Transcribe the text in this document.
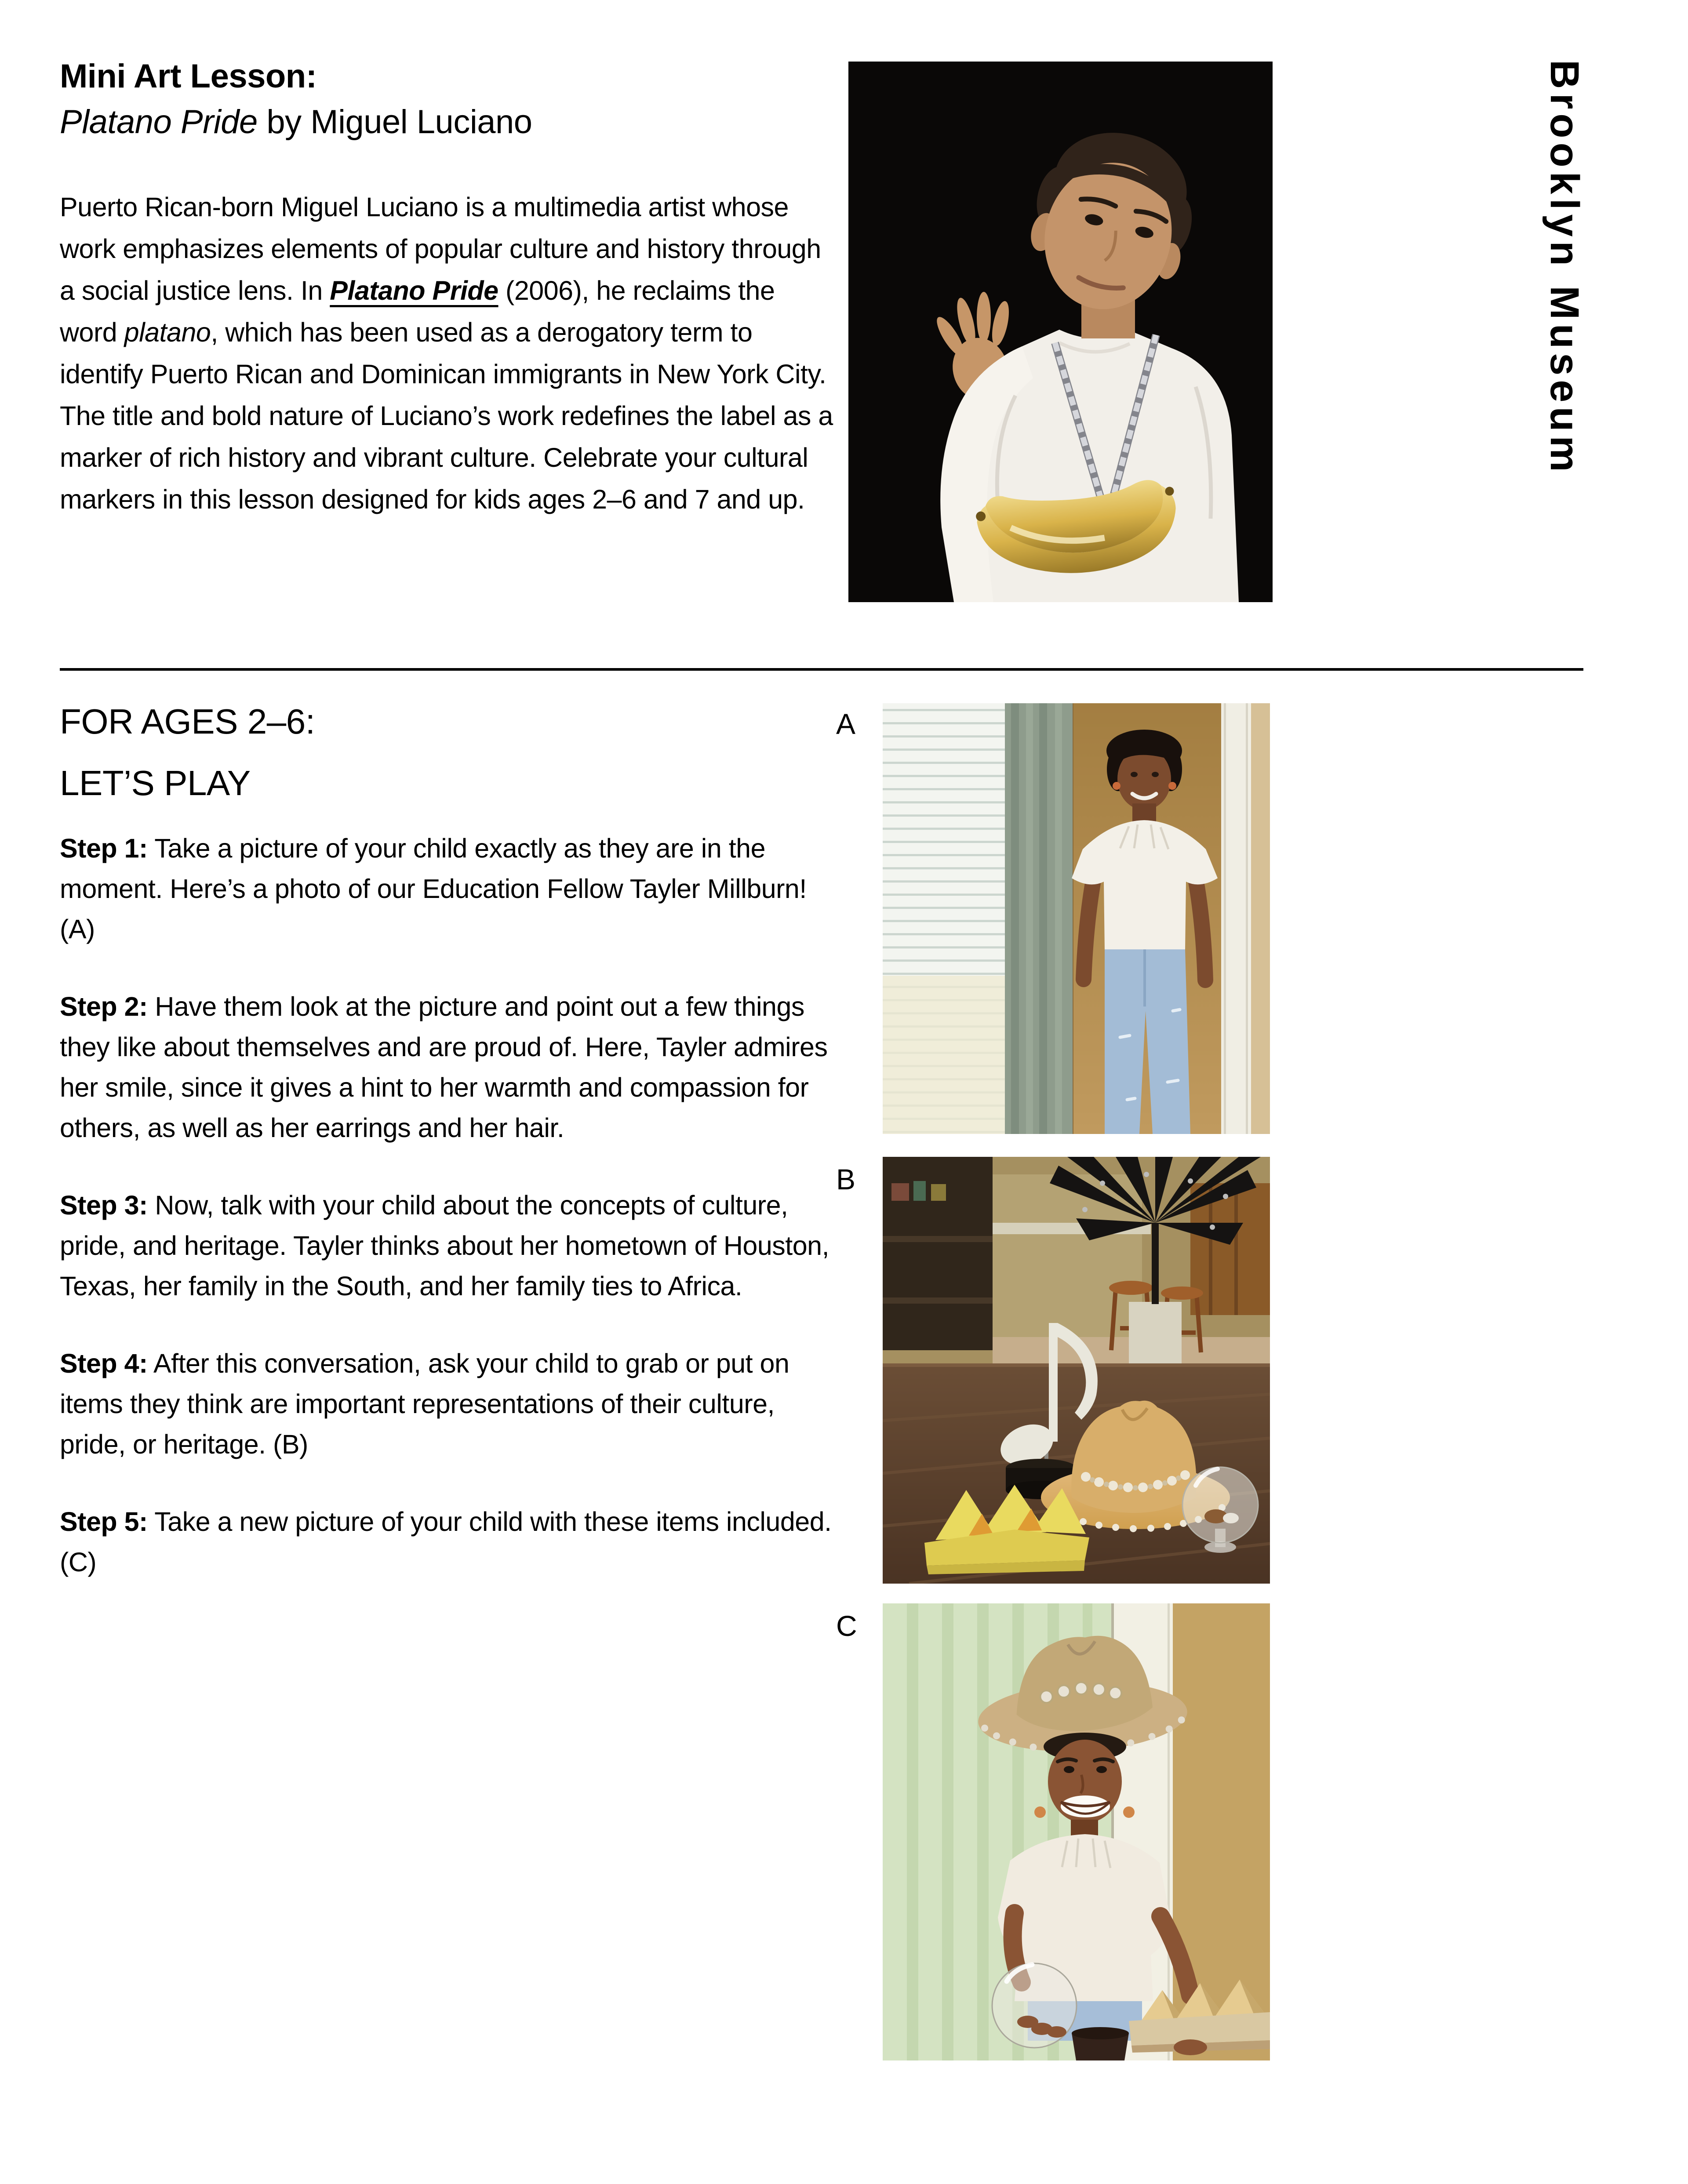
Mini Art Lesson:
Platano Pride by Miguel Luciano
Puerto Rican-born Miguel Luciano is a multimedia artist whose work emphasizes elements of popular culture and history through a social justice lens. In Platano Pride (2006), he reclaims the word platano, which has been used as a derogatory term to identify Puerto Rican and Dominican immigrants in New York City. The title and bold nature of Luciano’s work redefines the label as a marker of rich history and vibrant culture. Celebrate your cultural markers in this lesson designed for kids ages 2–6 and 7 and up.
Brooklyn Museum
FOR AGES 2–6:
LET’S PLAY
Step 1: Take a picture of your child exactly as they are in the moment. Here’s a photo of our Education Fellow Tayler Millburn! (A)
Step 2: Have them look at the picture and point out a few things they like about themselves and are proud of. Here, Tayler admires her smile, since it gives a hint to her warmth and compassion for others, as well as her earrings and her hair.
Step 3: Now, talk with your child about the concepts of culture, pride, and heritage. Tayler thinks about her hometown of Houston, Texas, her family in the South, and her family ties to Africa.
Step 4: After this conversation, ask your child to grab or put on items they think are important representations of their culture, pride, or heritage. (B)
Step 5: Take a new picture of your child with these items included. (C)
A
B
C
